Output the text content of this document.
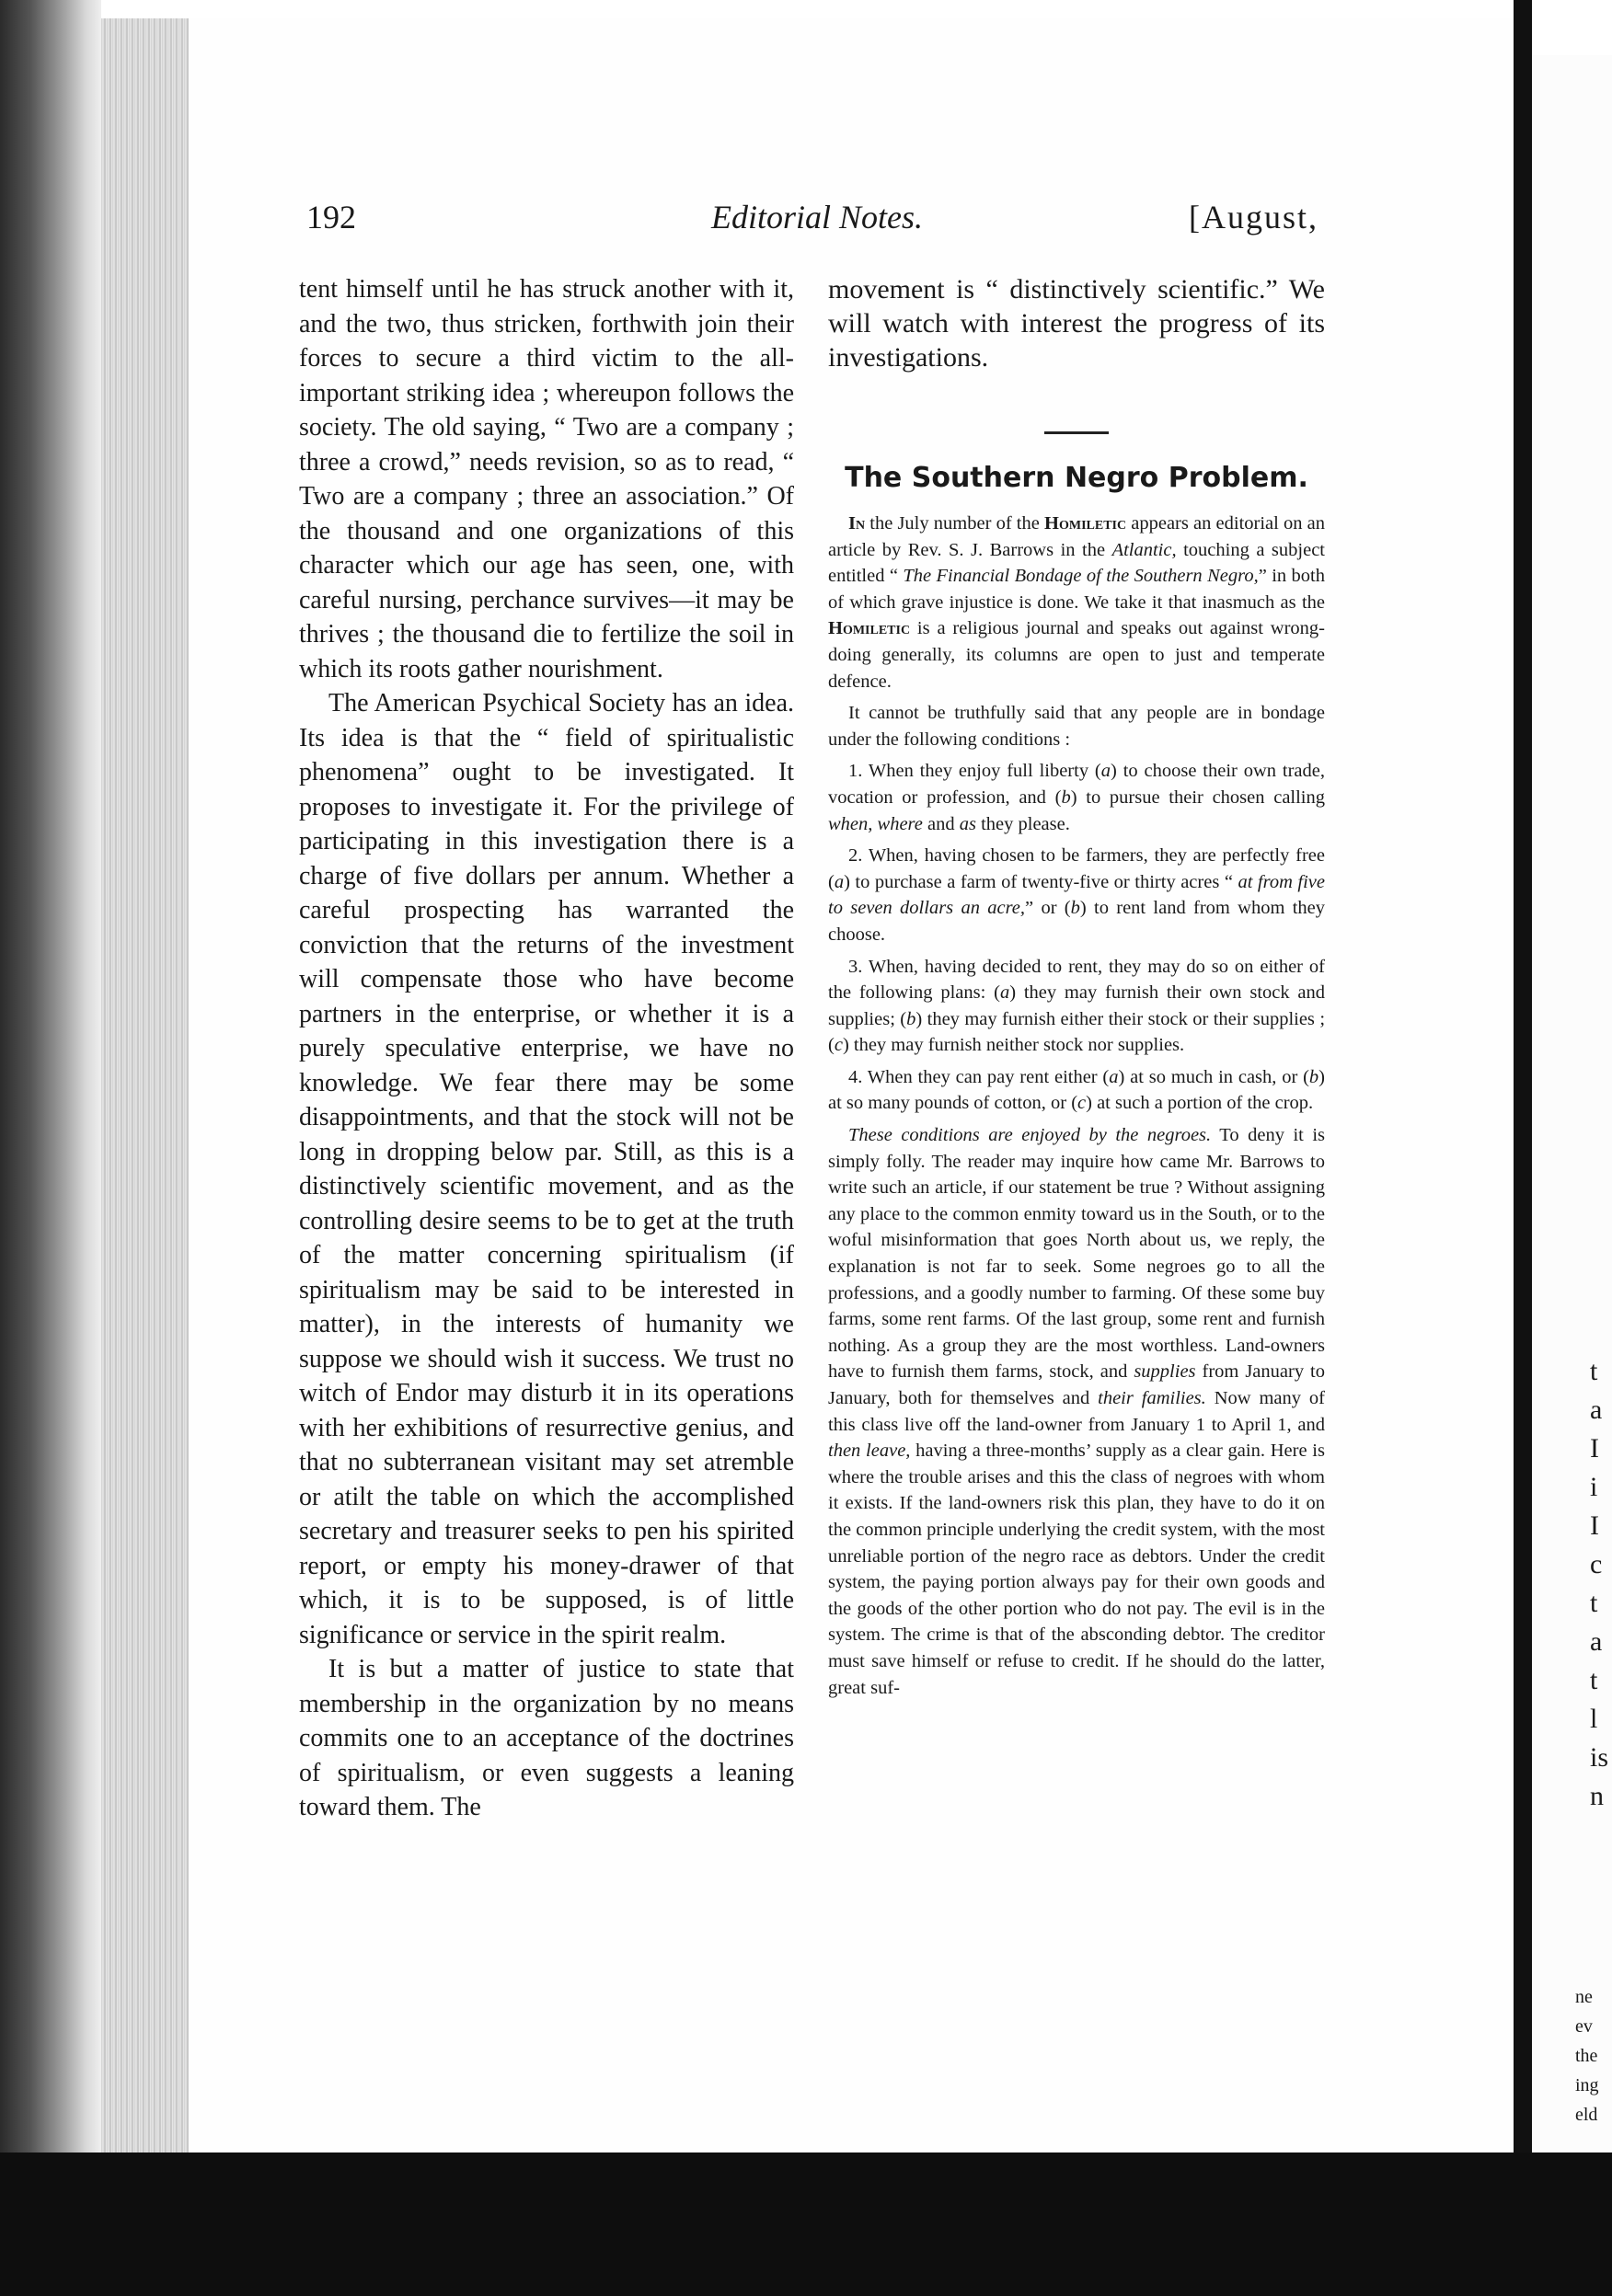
t
a
I
i
I
c
t
a
t
l
is
n
ne
ev
the
ing
eld
192	Editorial Notes.	[August,

tent himself until he has struck another with it, and the two, thus stricken, forthwith join their forces to secure a third victim to the all-important striking idea ; whereupon follows the society. The old saying, “ Two are a company ; three a crowd,” needs revision, so as to read, “ Two are a company ; three an association.” Of the thousand and one organizations of this character which our age has seen, one, with careful nursing, perchance survives—it may be thrives ; the thousand die to fertilize the soil in which its roots gather nourishment.

The American Psychical Society has an idea. Its idea is that the “ field of spiritualistic phenomena” ought to be investigated. It proposes to investigate it. For the privilege of participating in this investigation there is a charge of five dollars per annum. Whether a careful prospecting has warranted the conviction that the returns of the investment will compensate those who have become partners in the enterprise, or whether it is a purely speculative enterprise, we have no knowledge. We fear there may be some disappointments, and that the stock will not be long in dropping below par. Still, as this is a distinctively scientific movement, and as the controlling desire seems to be to get at the truth of the matter concerning spiritualism (if spiritualism may be said to be interested in matter), in the interests of humanity we suppose we should wish it success. We trust no witch of Endor may disturb it in its operations with her exhibitions of resurrective genius, and that no subterranean visitant may set atremble or atilt the table on which the accomplished secretary and treasurer seeks to pen his spirited report, or empty his money-drawer of that which, it is to be supposed, is of little significance or service in the spirit realm.

It is but a matter of justice to state that membership in the organization by no means commits one to an acceptance of the doctrines of spiritualism, or even suggests a leaning toward them. The

movement is “ distinctively scientific.” We will watch with interest the progress of its investigations.

The Southern Negro Problem.

In the July number of the Homiletic appears an editorial on an article by Rev. S. J. Barrows in the Atlantic, touching a subject entitled “ The Financial Bondage of the Southern Negro,” in both of which grave injustice is done. We take it that inasmuch as the Homiletic is a religious journal and speaks out against wrong-doing generally, its columns are open to just and temperate defence.

It cannot be truthfully said that any people are in bondage under the following conditions :

1. When they enjoy full liberty (a) to choose their own trade, vocation or profession, and (b) to pursue their chosen calling when, where and as they please.

2. When, having chosen to be farmers, they are perfectly free (a) to purchase a farm of twenty-five or thirty acres “ at from five to seven dollars an acre,” or (b) to rent land from whom they choose.

3. When, having decided to rent, they may do so on either of the following plans: (a) they may furnish their own stock and supplies; (b) they may furnish either their stock or their supplies ; (c) they may furnish neither stock nor supplies.

4. When they can pay rent either (a) at so much in cash, or (b) at so many pounds of cotton, or (c) at such a portion of the crop.

These conditions are enjoyed by the negroes. To deny it is simply folly. The reader may inquire how came Mr. Barrows to write such an article, if our statement be true ? Without assigning any place to the common enmity toward us in the South, or to the woful misinformation that goes North about us, we reply, the explanation is not far to seek. Some negroes go to all the professions, and a goodly number to farming. Of these some buy farms, some rent farms. Of the last group, some rent and furnish nothing. As a group they are the most worthless. Land-owners have to furnish them farms, stock, and supplies from January to January, both for themselves and their families. Now many of this class live off the land-owner from January 1 to April 1, and then leave, having a three-months’ supply as a clear gain. Here is where the trouble arises and this the class of negroes with whom it exists. If the land-owners risk this plan, they have to do it on the common principle underlying the credit system, with the most unreliable portion of the negro race as debtors. Under the credit system, the paying portion always pay for their own goods and the goods of the other portion who do not pay. The evil is in the system. The crime is that of the absconding debtor. The creditor must save himself or refuse to credit. If he should do the latter, great suf-
